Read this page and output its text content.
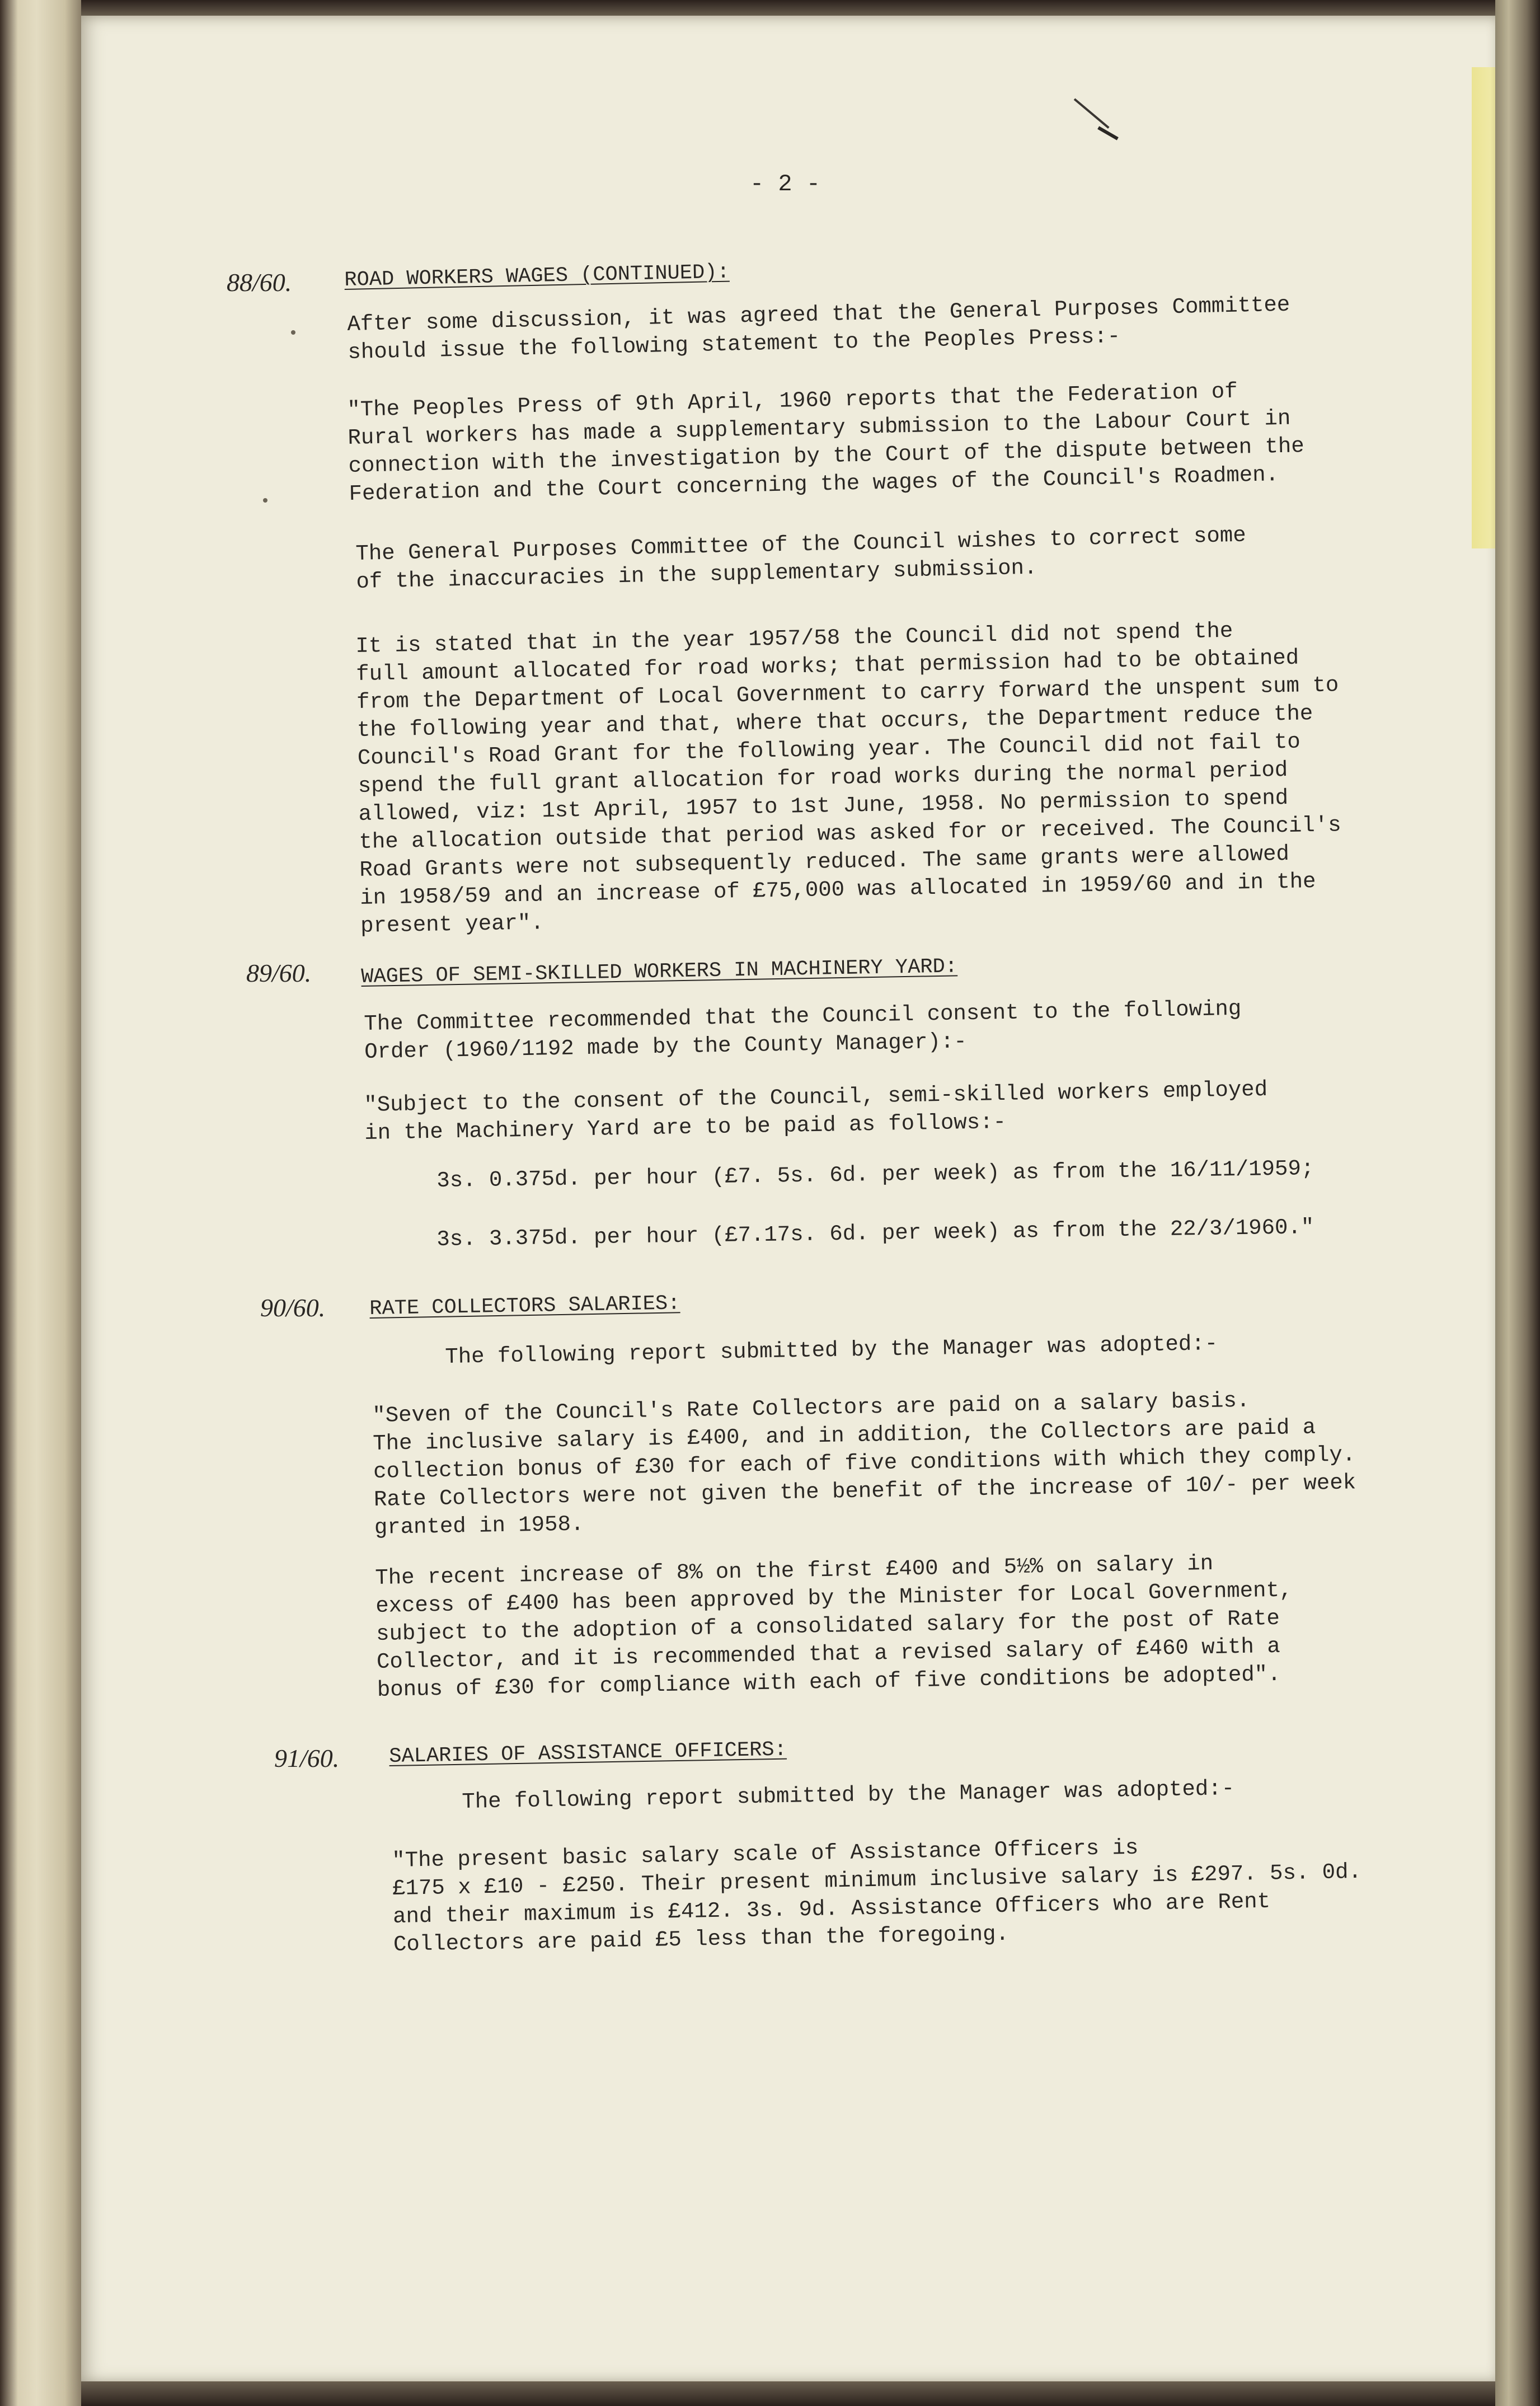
- 2 -
88/60.	ROAD WORKERS WAGES (CONTINUED):
After some discussion, it was agreed that the General Purposes Committee
should issue the following statement to the Peoples Press:-
"The Peoples Press of 9th April, 1960 reports that the Federation of
Rural workers has made a supplementary submission to the Labour Court in
connection with the investigation by the Court of the dispute between the
Federation and the Court concerning the wages of the Council's Roadmen.
The General Purposes Committee of the Council wishes to correct some
of the inaccuracies in the supplementary submission.
It is stated that in the year 1957/58 the Council did not spend the
full amount allocated for road works; that permission had to be obtained
from the Department of Local Government to carry forward the unspent sum to
the following year and that, where that occurs, the Department reduce the
Council's Road Grant for the following year. The Council did not fail to
spend the full grant allocation for road works during the normal period
allowed, viz: 1st April, 1957 to 1st June, 1958. No permission to spend
the allocation outside that period was asked for or received. The Council's
Road Grants were not subsequently reduced. The same grants were allowed
in 1958/59 and an increase of £75,000 was allocated in 1959/60 and in the
present year".
89/60. WAGES OF SEMI-SKILLED WORKERS IN MACHINERY YARD:
The Committee recommended that the Council consent to the following
Order (1960/1192 made by the County Manager):-
"Subject to the consent of the Council, semi-skilled workers employed
in the Machinery Yard are to be paid as follows:-
3s. 0.375d. per hour (£7. 5s. 6d. per week) as from the 16/11/1959;
3s. 3.375d. per hour (£7.17s. 6d. per week) as from the 22/3/1960."
90/60. RATE COLLECTORS SALARIES:
The following report submitted by the Manager was adopted:-
"Seven of the Council's Rate Collectors are paid on a salary basis.
The inclusive salary is £400, and in addition, the Collectors are paid a
collection bonus of £30 for each of five conditions with which they comply.
Rate Collectors were not given the benefit of the increase of 10/- per week
granted in 1958.
The recent increase of 8% on the first £400 and 5½% on salary in
excess of £400 has been approved by the Minister for Local Government,
subject to the adoption of a consolidated salary for the post of Rate
Collector, and it is recommended that a revised salary of £460 with a
bonus of £30 for compliance with each of five conditions be adopted".
91/60. SALARIES OF ASSISTANCE OFFICERS:
The following report submitted by the Manager was adopted:-
"The present basic salary scale of Assistance Officers is
£175 x £10 - £250. Their present minimum inclusive salary is £297. 5s. 0d.
and their maximum is £412. 3s. 9d. Assistance Officers who are Rent
Collectors are paid £5 less than the foregoing.
